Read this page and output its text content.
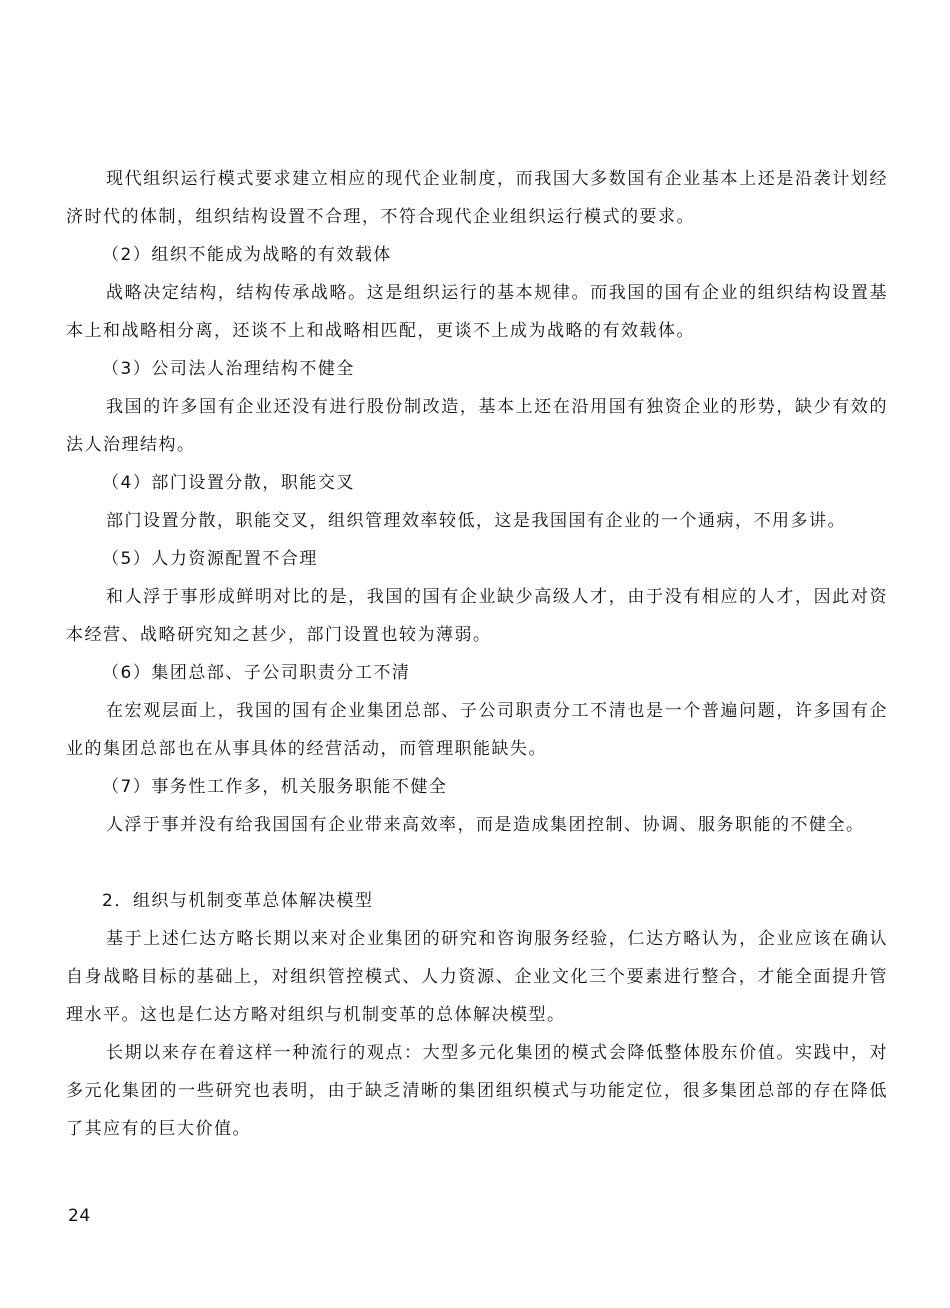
现代组织运行模式要求建立相应的现代企业制度，而我国大多数国有企业基本上还是沿袭计划经济时代的体制，组织结构设置不合理，不符合现代企业组织运行模式的要求。

（2）组织不能成为战略的有效载体

战略决定结构，结构传承战略。这是组织运行的基本规律。而我国的国有企业的组织结构设置基本上和战略相分离，还谈不上和战略相匹配，更谈不上成为战略的有效载体。

（3）公司法人治理结构不健全

我国的许多国有企业还没有进行股份制改造，基本上还在沿用国有独资企业的形势，缺少有效的法人治理结构。

（4）部门设置分散，职能交叉

部门设置分散，职能交叉，组织管理效率较低，这是我国国有企业的一个通病，不用多讲。

（5）人力资源配置不合理

和人浮于事形成鲜明对比的是，我国的国有企业缺少高级人才，由于没有相应的人才，因此对资本经营、战略研究知之甚少，部门设置也较为薄弱。

（6）集团总部、子公司职责分工不清

在宏观层面上，我国的国有企业集团总部、子公司职责分工不清也是一个普遍问题，许多国有企业的集团总部也在从事具体的经营活动，而管理职能缺失。

（7）事务性工作多，机关服务职能不健全

人浮于事并没有给我国国有企业带来高效率，而是造成集团控制、协调、服务职能的不健全。

2．组织与机制变革总体解决模型

基于上述仁达方略长期以来对企业集团的研究和咨询服务经验，仁达方略认为，企业应该在确认自身战略目标的基础上，对组织管控模式、人力资源、企业文化三个要素进行整合，才能全面提升管理水平。这也是仁达方略对组织与机制变革的总体解决模型。

长期以来存在着这样一种流行的观点：大型多元化集团的模式会降低整体股东价值。实践中，对多元化集团的一些研究也表明，由于缺乏清晰的集团组织模式与功能定位，很多集团总部的存在降低了其应有的巨大价值。

24
